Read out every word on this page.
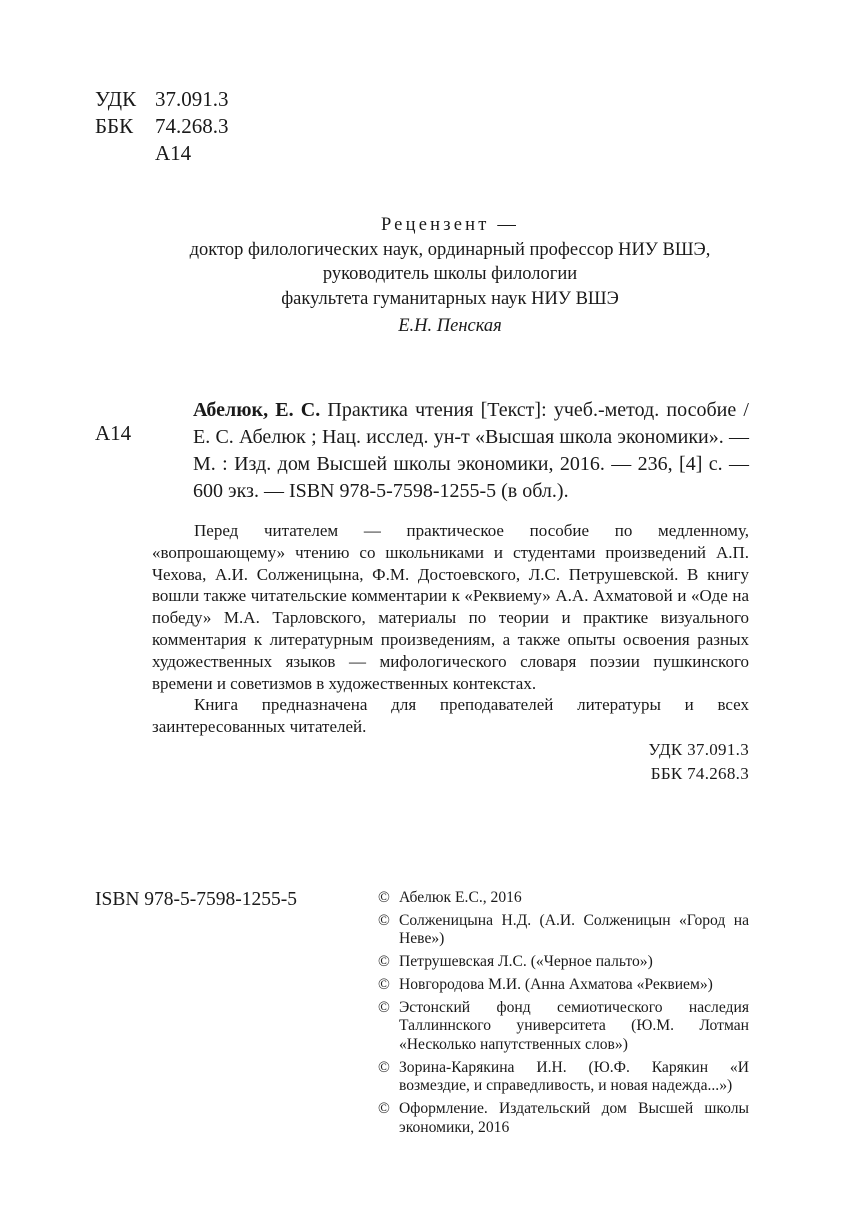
УДК 37.091.3
ББК 74.268.3
А14
Рецензент —
доктор филологических наук, ординарный профессор НИУ ВШЭ,
руководитель школы филологии
факультета гуманитарных наук НИУ ВШЭ
Е.Н. Пенская
А14
Абелюк, Е. С. Практика чтения [Текст]: учеб.-метод. пособие / Е. С. Абелюк ; Нац. исслед. ун-т «Высшая школа экономики». — М. : Изд. дом Высшей школы экономики, 2016. — 236, [4] с. — 600 экз. — ISBN 978-5-7598-1255-5 (в обл.).

Перед читателем — практическое пособие по медленному, «вопрошающему» чтению со школьниками и студентами произведений А.П. Чехова, А.И. Солженицына, Ф.М. Достоевского, Л.С. Петрушевской. В книгу вошли также читательские комментарии к «Реквиему» А.А. Ахматовой и «Оде на победу» М.А. Тарловского, материалы по теории и практике визуального комментария к литературным произведениям, а также опыты освоения разных художественных языков — мифологического словаря поэзии пушкинского времени и советизмов в художественных контекстах.

Книга предназначена для преподавателей литературы и всех заинтересованных читателей.

УДК 37.091.3
ББК 74.268.3
ISBN 978-5-7598-1255-5	© Абелюк Е.С., 2016
© Солженицына Н.Д. (А.И. Солженицын «Город на Неве»)
© Петрушевская Л.С. («Черное пальто»)
© Новгородова М.И. (Анна Ахматова «Реквием»)
© Эстонский фонд семиотического наследия Таллиннского университета (Ю.М. Лотман «Несколько напутственных слов»)
© Зорина-Карякина И.Н. (Ю.Ф. Карякин «И возмездие, и справедливость, и новая надежда...»)
© Оформление. Издательский дом Высшей школы экономики, 2016
